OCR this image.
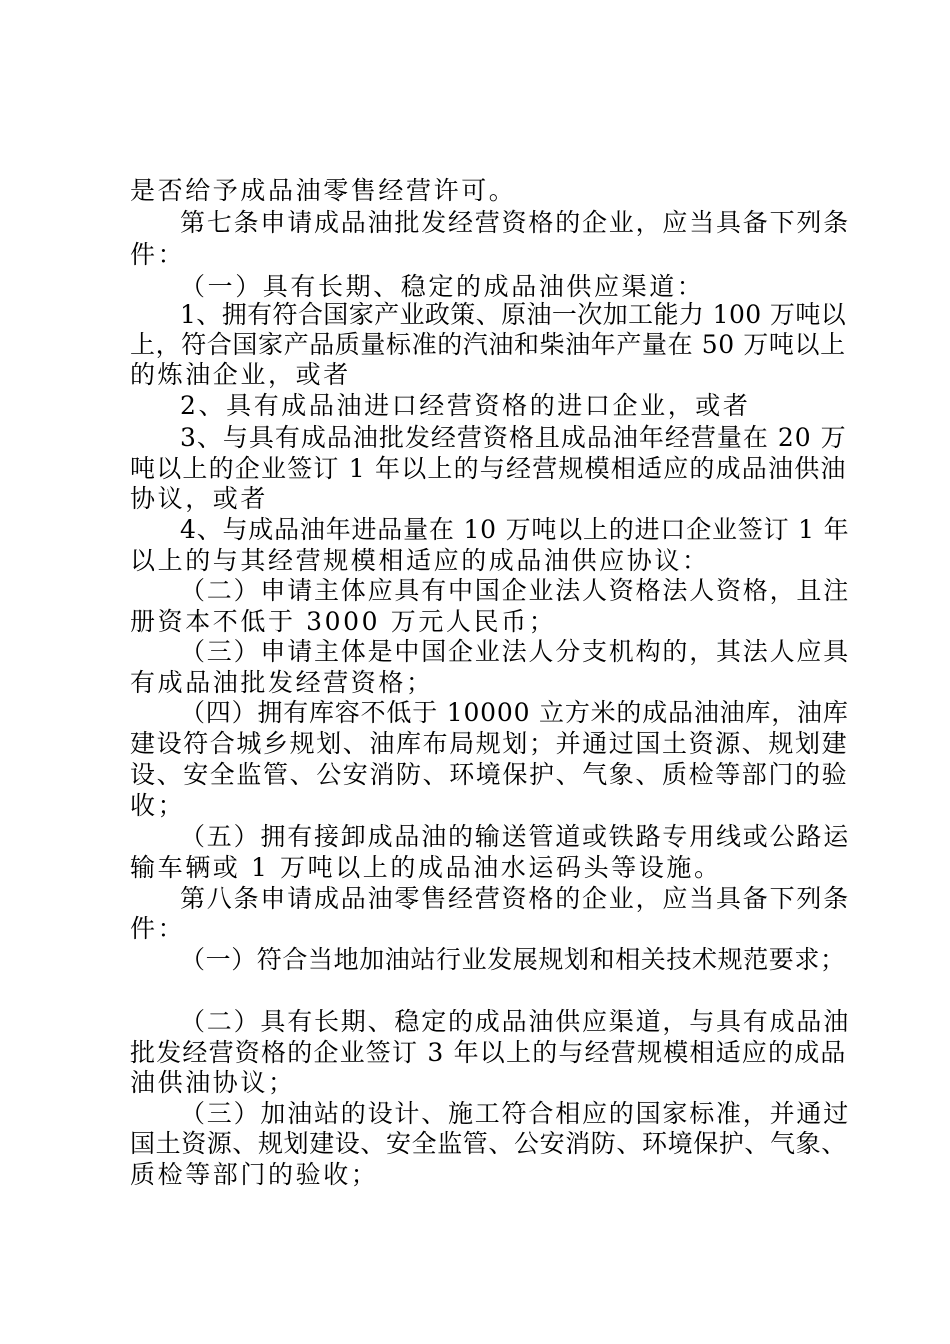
是否给予成品油零售经营许可。
第七条申请成品油批发经营资格的企业，应当具备下列条
件：
（一）具有长期、稳定的成品油供应渠道：
1、拥有符合国家产业政策、原油一次加工能力 100 万吨以
上，符合国家产品质量标准的汽油和柴油年产量在 50 万吨以上
的炼油企业，或者
2、具有成品油进口经营资格的进口企业，或者
3、与具有成品油批发经营资格且成品油年经营量在 20 万
吨以上的企业签订 1 年以上的与经营规模相适应的成品油供油
协议，或者
4、与成品油年进品量在 10 万吨以上的进口企业签订 1 年
以上的与其经营规模相适应的成品油供应协议：
（二）申请主体应具有中国企业法人资格法人资格，且注
册资本不低于 3000 万元人民币；
（三）申请主体是中国企业法人分支机构的，其法人应具
有成品油批发经营资格；
（四）拥有库容不低于 10000 立方米的成品油油库，油库
建设符合城乡规划、油库布局规划；并通过国土资源、规划建
设、安全监管、公安消防、环境保护、气象、质检等部门的验
收；
（五）拥有接卸成品油的输送管道或铁路专用线或公路运
输车辆或 1 万吨以上的成品油水运码头等设施。
第八条申请成品油零售经营资格的企业，应当具备下列条
件：
（一）符合当地加油站行业发展规划和相关技术规范要求；
（二）具有长期、稳定的成品油供应渠道，与具有成品油
批发经营资格的企业签订 3 年以上的与经营规模相适应的成品
油供油协议；
（三）加油站的设计、施工符合相应的国家标准，并通过
国土资源、规划建设、安全监管、公安消防、环境保护、气象、
质检等部门的验收；
